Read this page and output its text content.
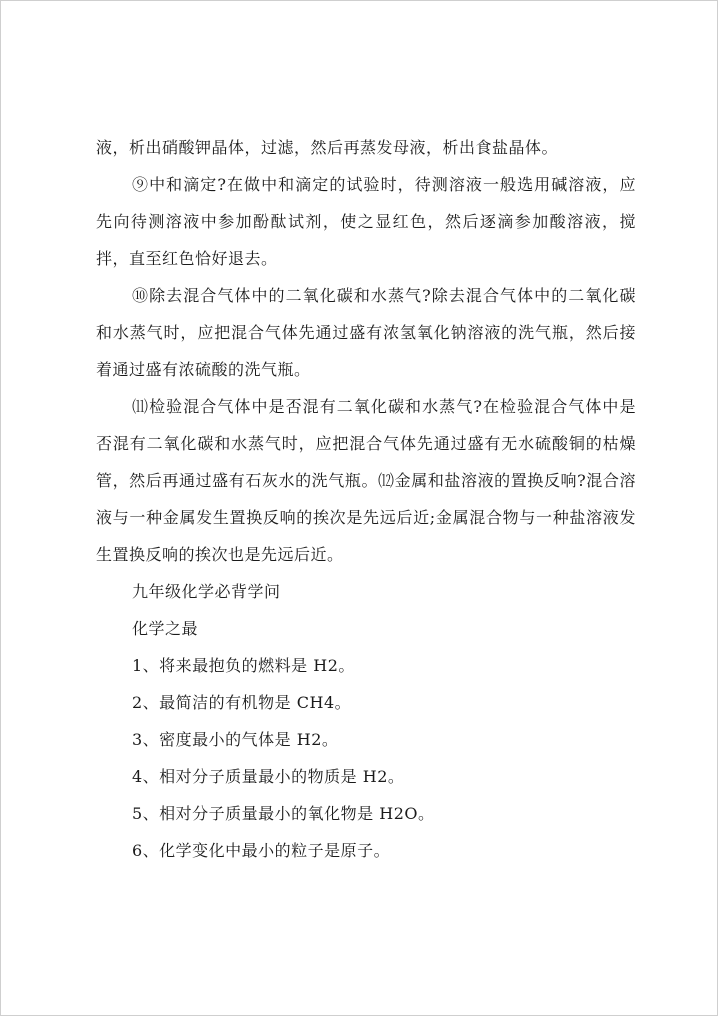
液，析出硝酸钾晶体，过滤，然后再蒸发母液，析出食盐晶体。

⑨中和滴定?在做中和滴定的试验时，待测溶液一般选用碱溶液，应先向待测溶液中参加酚酞试剂，使之显红色，然后逐滴参加酸溶液，搅拌，直至红色恰好退去。

⑩除去混合气体中的二氧化碳和水蒸气?除去混合气体中的二氧化碳和水蒸气时，应把混合气体先通过盛有浓氢氧化钠溶液的洗气瓶，然后接着通过盛有浓硫酸的洗气瓶。

⑾检验混合气体中是否混有二氧化碳和水蒸气?在检验混合气体中是否混有二氧化碳和水蒸气时，应把混合气体先通过盛有无水硫酸铜的枯燥管，然后再通过盛有石灰水的洗气瓶。⑿金属和盐溶液的置换反响?混合溶液与一种金属发生置换反响的挨次是先远后近;金属混合物与一种盐溶液发生置换反响的挨次也是先远后近。

九年级化学必背学问

化学之最

1、将来最抱负的燃料是 H2。

2、最简洁的有机物是 CH4。

3、密度最小的气体是 H2。

4、相对分子质量最小的物质是 H2。

5、相对分子质量最小的氧化物是 H2O。

6、化学变化中最小的粒子是原子。
